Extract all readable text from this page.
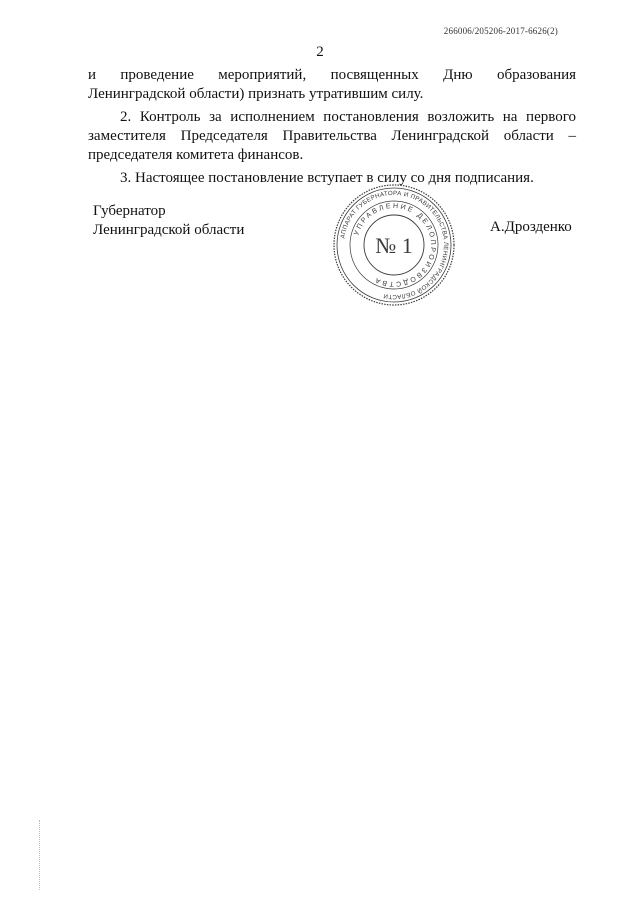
266006/205206-2017-6626(2)
2
и проведение мероприятий, посвященных Дню образования
Ленинградской области) признать утратившим силу.
2. Контроль за исполнением постановления возложить на первого
заместителя Председателя Правительства Ленинградской области –
председателя комитета финансов.
3. Настоящее постановление вступает в силу со дня подписания.
Губернатор
Ленинградской области	АППАРАТ ГУБЕРНАТОРА И ПРАВИТЕЛЬСТВА ЛЕНИНГРАДСКОЙ ОБЛАСТИ
УПРАВЛЕНИЕ ДЕЛОПРОИЗВОДСТВА
№ 1
А.Дрозденко
